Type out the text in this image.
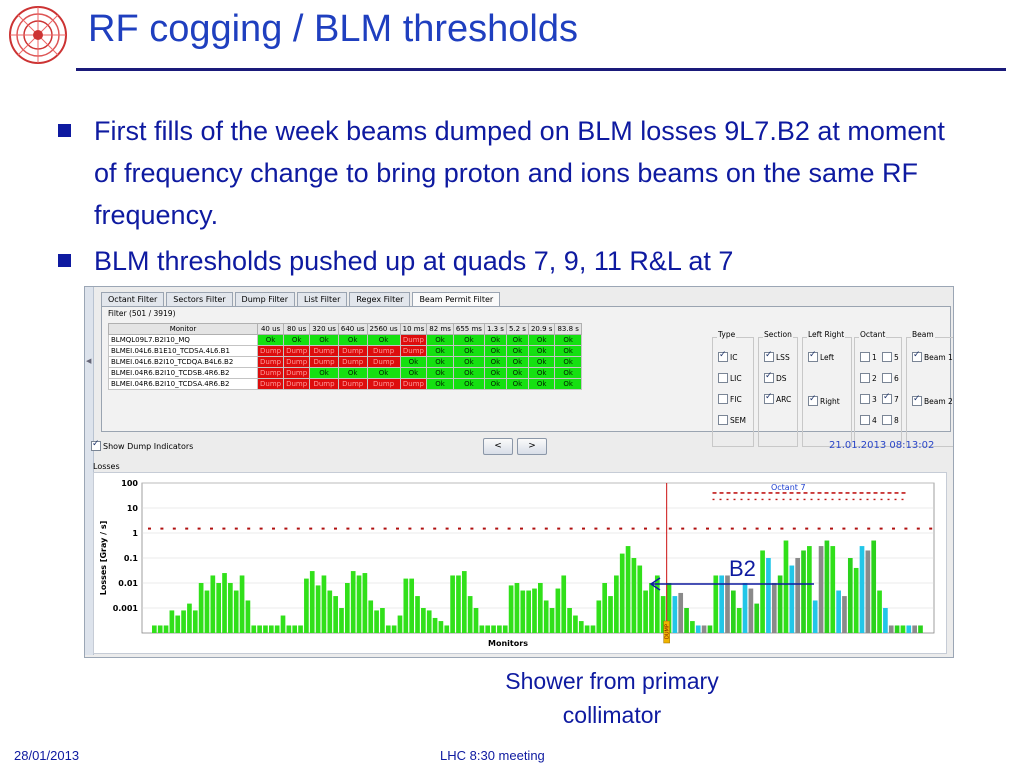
RF cogging / BLM thresholds
First fills of the week beams dumped on BLM losses 9L7.B2 at moment of frequency change to bring proton and ions beams on the same RF frequency.
BLM thresholds pushed up at quads 7, 9, 11 R&L at 7
◀
Octant Filter	Sectors Filter	Dump Filter	List Filter	Regex Filter	Beam Permit Filter
Filter (501 / 3919)
Monitor	40 us	80 us	320 us	640 us	2560 us	10 ms	82 ms	655 ms	1.3 s	5.2 s	20.9 s	83.8 s
BLMQL09L7.B2I10_MQ	Ok	Ok	Ok	Ok	Ok	Dump	Ok	Ok	Ok	Ok	Ok	Ok
BLMEI.04L6.B1E10_TCDSA.4L6.B1	Dump	Dump	Dump	Dump	Dump	Dump	Ok	Ok	Ok	Ok	Ok	Ok
BLMEI.04L6.B2I10_TCDQA.B4L6.B2	Dump	Dump	Dump	Dump	Dump	Ok	Ok	Ok	Ok	Ok	Ok	Ok
BLMEI.04R6.B2I10_TCDSB.4R6.B2	Dump	Dump	Ok	Ok	Ok	Ok	Ok	Ok	Ok	Ok	Ok	Ok
BLMEI.04R6.B2I10_TCDSA.4R6.B2	Dump	Dump	Dump	Dump	Dump	Dump	Ok	Ok	Ok	Ok	Ok	Ok
Type
✓
IC
LIC
FIC
SEM
Section
✓
LSS
✓
DS
✓
ARC
Left Right
✓
Left
✓
Right
Octant
1 5
2 6
3 ✓ 7
4 8
Beam
✓
Beam 1
✓
Beam 2
✓
Show Dump Indicators	<	>	21.01.2013 08:13:02
Losses
100
10
1
0.1
0.01
0.001
DUMP
Octant 7
Monitors
Losses [Gray / s]	B2
Shower from primary
collimator
28/01/2013	LHC 8:30 meeting
